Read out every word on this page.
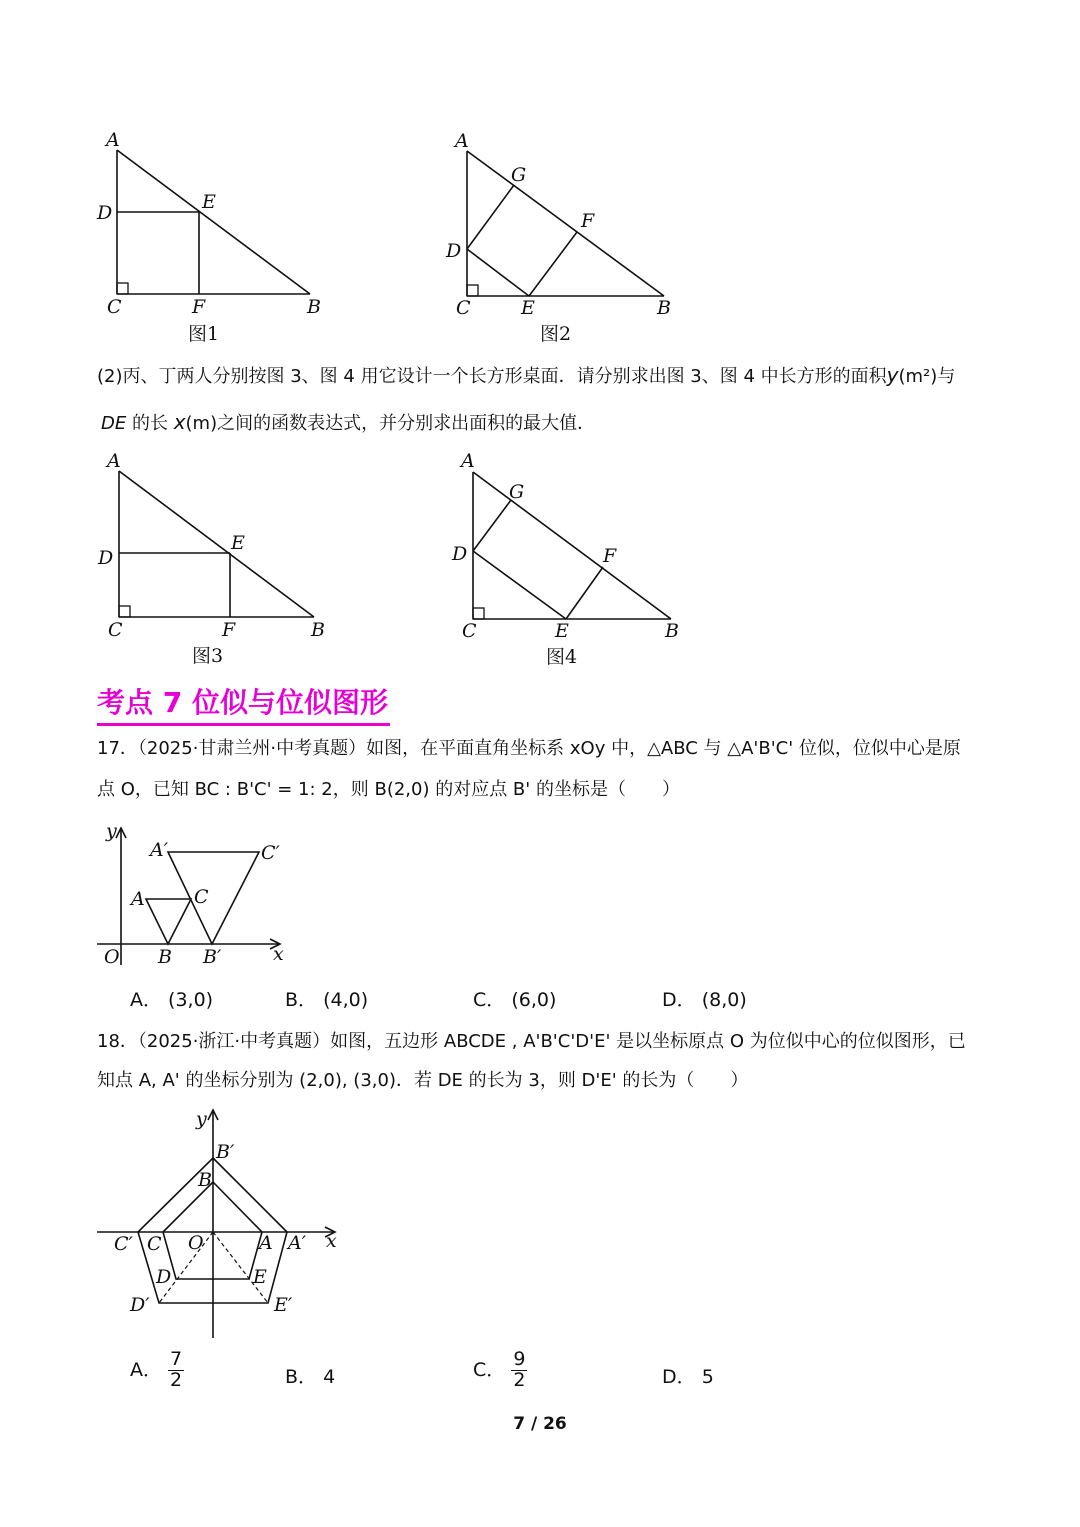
A
D	E
C	F	B
图1
A
G
F
D
C	E	B
图2
A
D
E
C	F	B
图3
A
G
F
D
C	E	B
图4
y
A′	C′
A	C
O B B′	x
y
B′
B
C′ C O	A A′ x
D	E
D′	E′
(2)丙、丁两人分别按图 3、图 4 用它设计一个长方形桌面．请分别求出图 3、图 4 中长方形的面积y(m²)与
DE 的长 x(m)之间的函数表达式，并分别求出面积的最大值．
考点 7 位似与位似图形
17．（2025·甘肃兰州·中考真题）如图，在平面直角坐标系 xOy 中，△ABC 与 △A'B'C' 位似，位似中心是原
点 O，已知 BC : B'C' = 1: 2，则 B(2,0) 的对应点 B' 的坐标是（　　）
A． (3,0)	B． (4,0)	C． (6,0)	D． (8,0)
18．（2025·浙江·中考真题）如图，五边形 ABCDE , A'B'C'D'E' 是以坐标原点 O 为位似中心的位似图形，已
知点 A, A' 的坐标分别为 (2,0), (3,0)．若 DE 的长为 3，则 D'E' 的长为（　　）
A． $\frac{7}{2}$	B． 4	C． $\frac{9}{2}$	D． 5
7 / 26
